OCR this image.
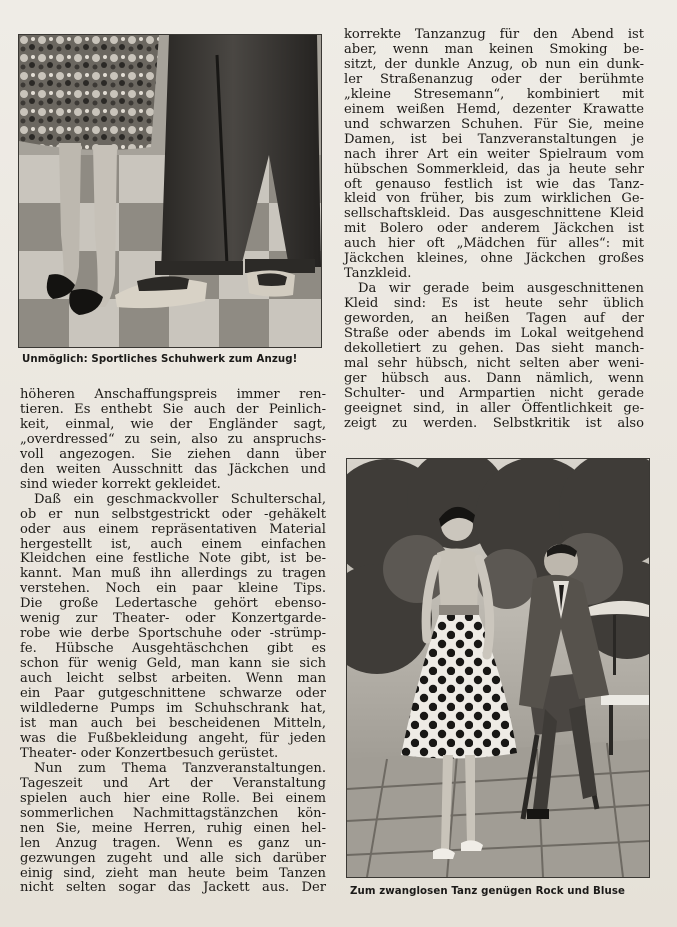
Unmöglich: Sportliches Schuhwerk zum Anzug!
korrekte Tanzanzug für den Abend ist
aber, wenn man keinen Smoking be-
sitzt, der dunkle Anzug, ob nun ein dunk-
ler Straßenanzug oder der berühmte
„kleine Stresemann“, kombiniert mit
einem weißen Hemd, dezenter Krawatte
und schwarzen Schuhen. Für Sie, meine
Damen, ist bei Tanzveranstaltungen je
nach ihrer Art ein weiter Spielraum vom
hübschen Sommerkleid, das ja heute sehr
oft genauso festlich ist wie das Tanz-
kleid von früher, bis zum wirklichen Ge-
sellschaftskleid. Das ausgeschnittene Kleid
mit Bolero oder anderem Jäckchen ist
auch hier oft „Mädchen für alles“: mit
Jäckchen kleines, ohne Jäckchen großes
Tanzkleid.
Da wir gerade beim ausgeschnittenen
Kleid sind: Es ist heute sehr üblich
geworden, an heißen Tagen auf der
Straße oder abends im Lokal weitgehend
dekolletiert zu gehen. Das sieht manch-
mal sehr hübsch, nicht selten aber weni-
ger hübsch aus. Dann nämlich, wenn
Schulter- und Armpartien nicht gerade
geeignet sind, in aller Öffentlichkeit ge-
zeigt zu werden. Selbstkritik ist also
höheren Anschaffungspreis immer ren-
tieren. Es enthebt Sie auch der Peinlich-
keit, einmal, wie der Engländer sagt,
„overdressed“ zu sein, also zu anspruchs-
voll angezogen. Sie ziehen dann über
den weiten Ausschnitt das Jäckchen und
sind wieder korrekt gekleidet.
Daß ein geschmackvoller Schulterschal,
ob er nun selbstgestrickt oder -gehäkelt
oder aus einem repräsentativen Material
hergestellt ist, auch einem einfachen
Kleidchen eine festliche Note gibt, ist be-
kannt. Man muß ihn allerdings zu tragen
verstehen. Noch ein paar kleine Tips.
Die große Ledertasche gehört ebenso-
wenig zur Theater- oder Konzertgarde-
robe wie derbe Sportschuhe oder -strümp-
fe. Hübsche Ausgehtäschchen gibt es
schon für wenig Geld, man kann sie sich
auch leicht selbst arbeiten. Wenn man
ein Paar gutgeschnittene schwarze oder
wildlederne Pumps im Schuhschrank hat,
ist man auch bei bescheidenen Mitteln,
was die Fußbekleidung angeht, für jeden
Theater- oder Konzertbesuch gerüstet.
Nun zum Thema Tanzveranstaltungen.
Tageszeit und Art der Veranstaltung
spielen auch hier eine Rolle. Bei einem
sommerlichen Nachmittagstänzchen kön-
nen Sie, meine Herren, ruhig einen hel-
len Anzug tragen. Wenn es ganz un-
gezwungen zugeht und alle sich darüber
einig sind, zieht man heute beim Tanzen
nicht selten sogar das Jackett aus. Der Zum zwanglosen Tanz genügen Rock und Bluse
